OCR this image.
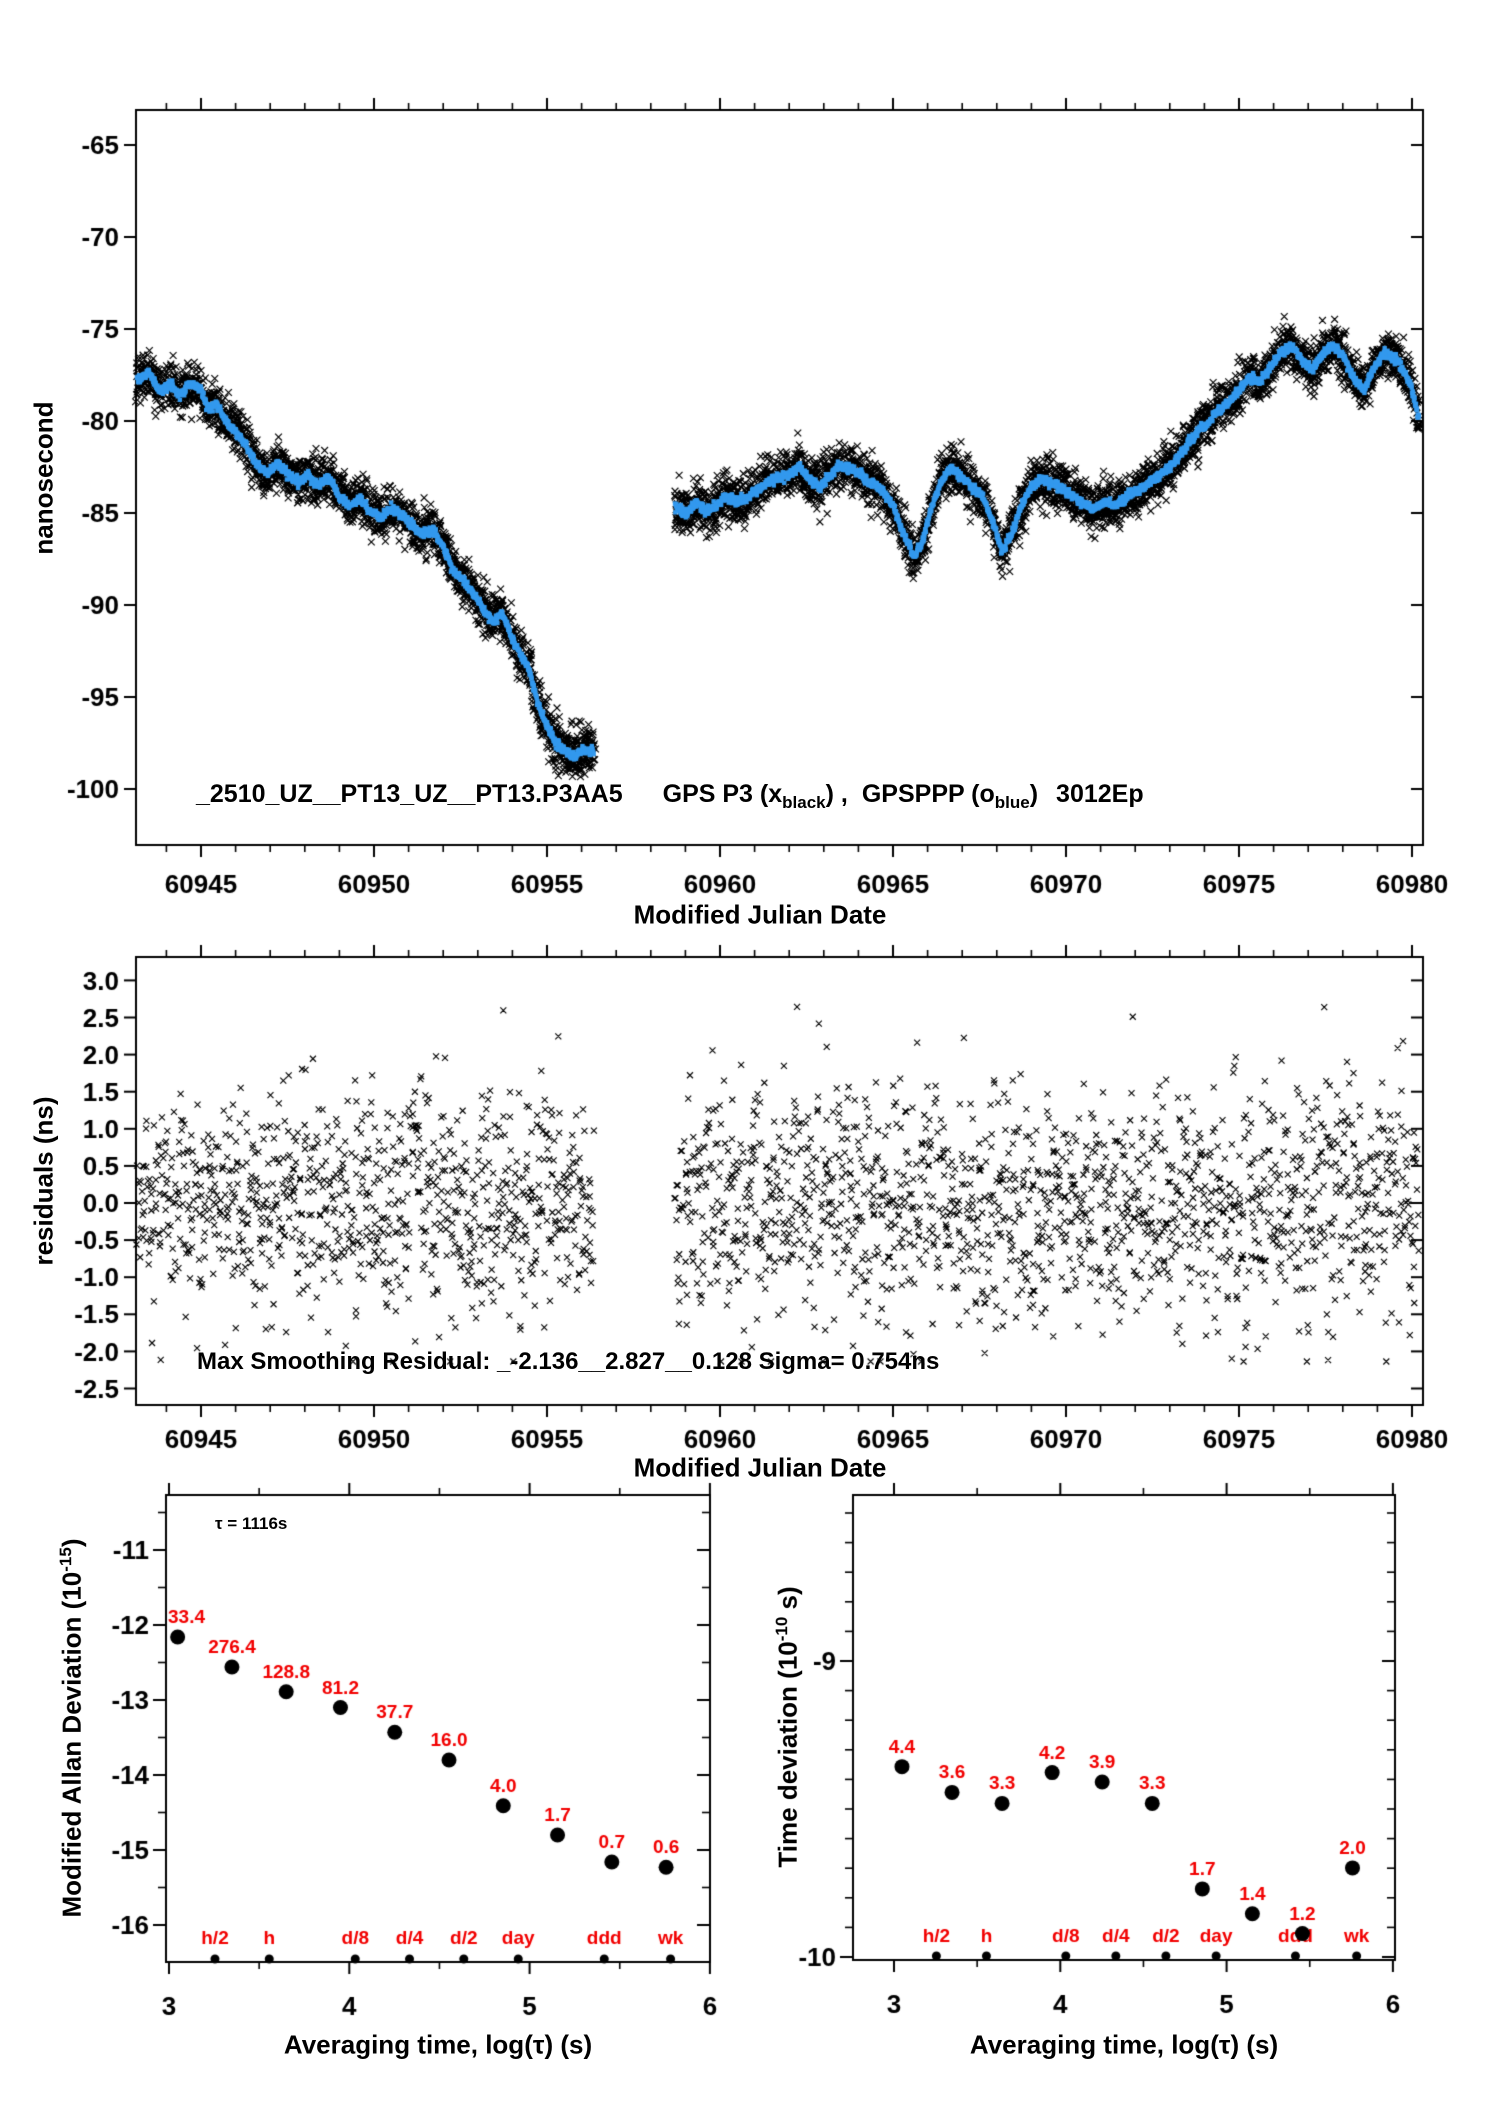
nanosecond
Modified Julian Date
_2510_UZ__PT13_UZ__PT13.P3AA5 GPS P3 $(x_{black})$ , GPSPPP $(o_{blue})$ 3012Ep
residuals (ns)
Modified Julian Date
Max Smoothing Residual: _-2.136__2.827__0.128 Sigma= 0.754ns
Modified Allan Deviation $(10^{-15})$
Averaging time, log(τ) (s)
τ = 1116s
Time deviation ($10^{-10}$ s)
Averaging time, log(τ) (s)
